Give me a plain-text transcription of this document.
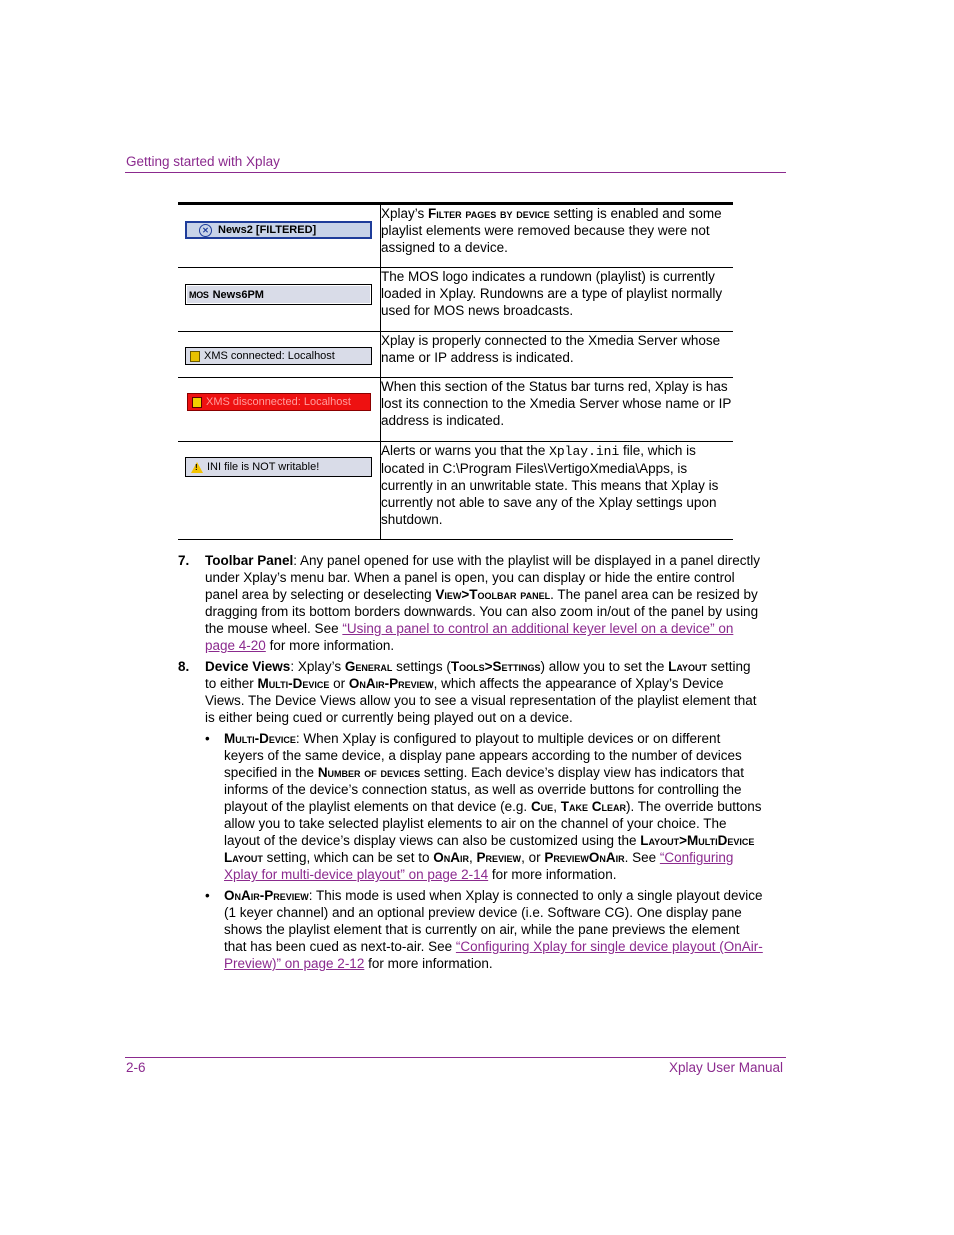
Getting started with Xplay
✕ News2 [FILTERED]	Xplay’s Filter pages by device setting is enabled and some playlist elements were removed because they were not assigned to a device.

MOS News6PM	The MOS logo indicates a rundown (playlist) is currently loaded in Xplay. Rundowns are a type of playlist normally used for MOS news broadcasts.

XMS connected: Localhost	Xplay is properly connected to the Xmedia Server whose name or IP address is indicated.

XMS disconnected: Localhost	When this section of the Status bar turns red, Xplay is has lost its connection to the Xmedia Server whose name or IP address is indicated.

!
INI file is NOT writable!	Alerts or warns you that the Xplay.ini file, which is located in C:\Program Files\VertigoXmedia\Apps, is currently in an unwritable state. This means that Xplay is currently not able to save any of the Xplay settings upon shutdown.
7. Toolbar Panel: Any panel opened for use with the playlist will be displayed in a panel directly under Xplay’s menu bar. When a panel is open, you can display or hide the entire control panel area by selecting or deselecting View>Toolbar panel. The panel area can be resized by dragging from its bottom borders downwards. You can also zoom in/out of the panel by using the mouse wheel. See “Using a panel to control an additional keyer level on a device” on page 4-20 for more information.
8. Device Views: Xplay’s General settings (Tools>Settings) allow you to set the Layout setting to either Multi-Device or OnAir-Preview, which affects the appearance of Xplay’s Device Views. The Device Views allow you to see a visual representation of the playlist element that is either being cued or currently being played out on a device.
• Multi-Device: When Xplay is configured to playout to multiple devices or on different keyers of the same device, a display pane appears according to the number of devices specified in the Number of devices setting. Each device’s display view has indicators that informs of the device’s connection status, as well as override buttons for controlling the playout of the playlist elements on that device (e.g. Cue, Take Clear). The override buttons allow you to take selected playlist elements to air on the channel of your choice. The layout of the device’s display views can also be customized using the Layout>MultiDevice Layout setting, which can be set to OnAir, Preview, or PreviewOnAir. See “Configuring Xplay for multi-device playout” on page 2-14 for more information.
• OnAir-Preview: This mode is used when Xplay is connected to only a single playout device (1 keyer channel) and an optional preview device (i.e. Software CG). One display pane shows the playlist element that is currently on air, while the pane previews the element that has been cued as next-to-air. See “Configuring Xplay for single device playout (OnAir-Preview)” on page 2-12 for more information.
2-6	Xplay User Manual
